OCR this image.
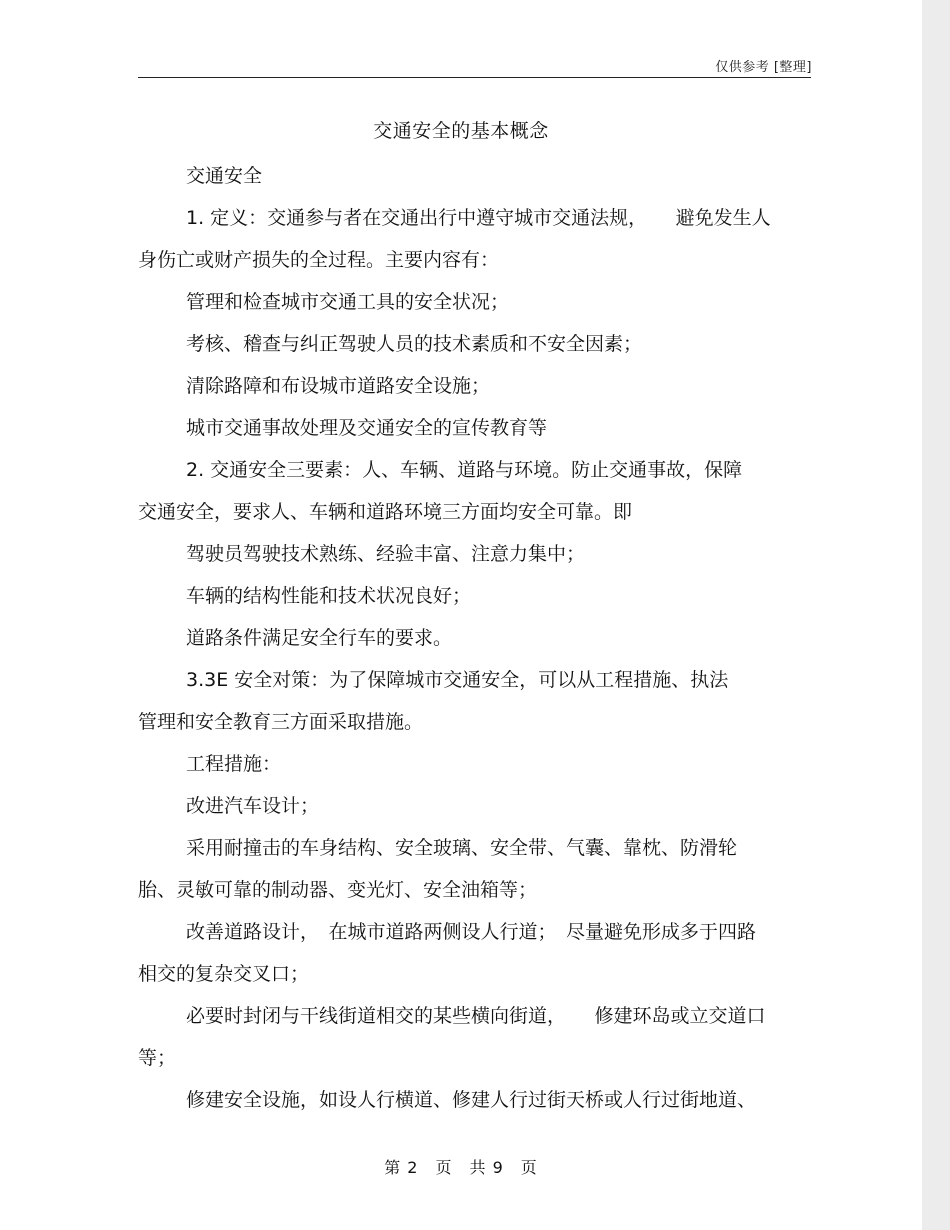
仅供参考 [整理]
交通安全的基本概念

交通安全

1. 定义：交通参与者在交通出行中遵守城市交通法规，　　避免发生人

身伤亡或财产损失的全过程。主要内容有：

管理和检查城市交通工具的安全状况；

考核、稽查与纠正驾驶人员的技术素质和不安全因素；

清除路障和布设城市道路安全设施；

城市交通事故处理及交通安全的宣传教育等

2. 交通安全三要素：人、车辆、道路与环境。防止交通事故，保障

交通安全，要求人、车辆和道路环境三方面均安全可靠。即

驾驶员驾驶技术熟练、经验丰富、注意力集中；

车辆的结构性能和技术状况良好；

道路条件满足安全行车的要求。

3.3E 安全对策：为了保障城市交通安全，可以从工程措施、执法

管理和安全教育三方面采取措施。

工程措施：

改进汽车设计；

采用耐撞击的车身结构、安全玻璃、安全带、气囊、靠枕、防滑轮

胎、灵敏可靠的制动器、变光灯、安全油箱等；

改善道路设计，　在城市道路两侧设人行道；　尽量避免形成多于四路

相交的复杂交叉口；

必要时封闭与干线街道相交的某些横向街道，　　修建环岛或立交道口

等；

修建安全设施，如设人行横道、修建人行过街天桥或人行过街地道、

第 2　页　共 9　页
